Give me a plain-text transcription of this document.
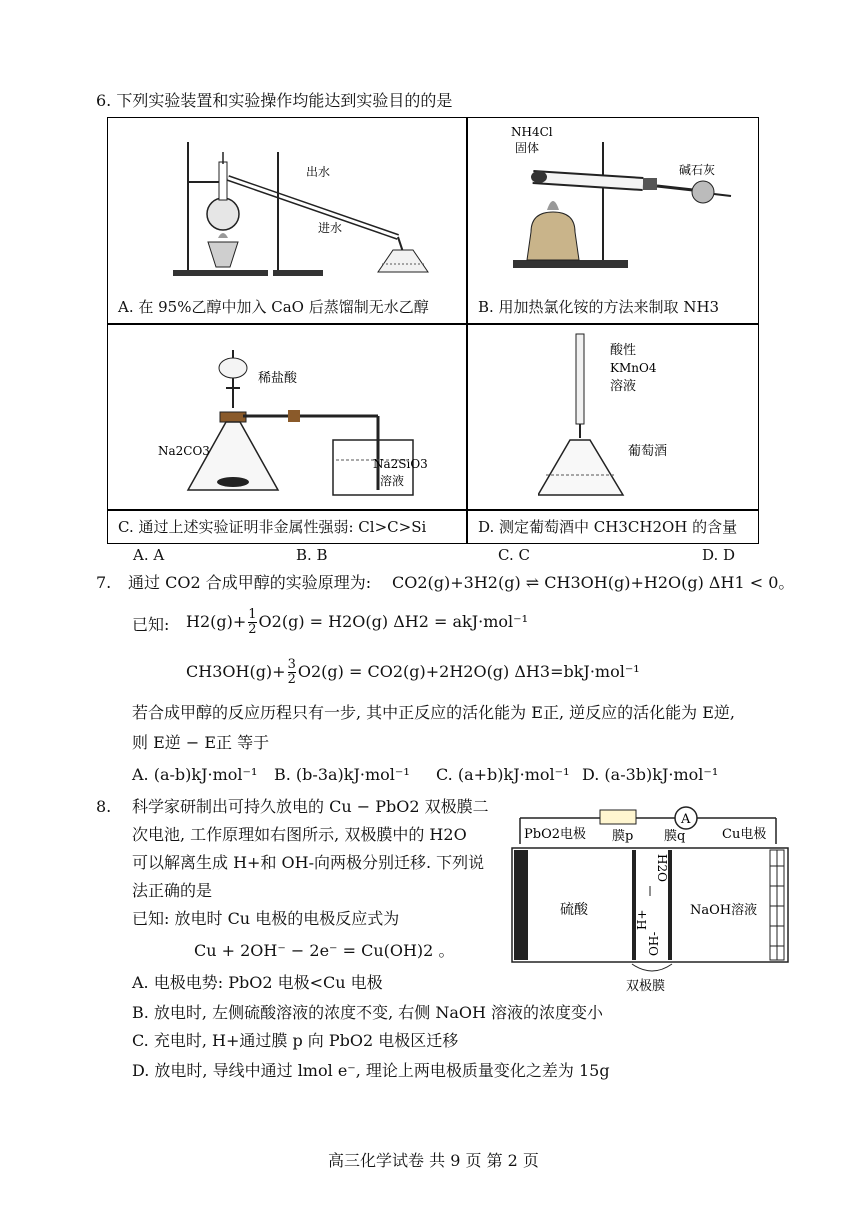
6. 下列实验装置和实验操作均能达到实验目的的是
出水
进水
NH4Cl
固体
碱石灰
A. 在 95%乙醇中加入 CaO 后蒸馏制无水乙醇	B. 用加热氯化铵的方法来制取 NH3
稀盐酸
Na2CO3
Na2SiO3
溶液
酸性
KMnO4
溶液
葡萄酒
C. 通过上述实验证明非金属性强弱: Cl>C>Si	D. 测定葡萄酒中 CH3CH2OH 的含量
A. A	B. B	C. C	D. D
7. 通过 CO2 合成甲醇的实验原理为: CO2(g)+3H2(g) ⇌ CH3OH(g)+H2O(g) ΔH1 < 0。
已知: $H2(g)+ \frac{1}{2} O2(g) = H2O(g) \Delta H2 = akJ\cdot mol^{-1}$
$CH3OH(g)+ \frac{3}{2} O2(g) = CO2(g)+2H2O(g)$ ΔH3=bkJ·mol⁻¹
若合成甲醇的反应历程只有一步, 其中正反应的活化能为 E正, 逆反应的活化能为 E逆,
则 E逆 − E正 等于
A. (a-b)kJ·mol⁻¹ B. (b-3a)kJ·mol⁻¹ C. (a+b)kJ·mol⁻¹ D. (a-3b)kJ·mol⁻¹
8. 科学家研制出可持久放电的 Cu − PbO2 双极膜二
次电池, 工作原理如右图所示, 双极膜中的 H2O
可以解离生成 H+和 OH-向两极分别迁移. 下列说
法正确的是
已知: 放电时 Cu 电极的电极反应式为
Cu + 2OH⁻ − 2e⁻ = Cu(OH)2 。
A. 电极电势: PbO2 电极<Cu 电极
B. 放电时, 左侧硫酸溶液的浓度不变, 右侧 NaOH 溶液的浓度变小
C. 充电时, H+通过膜 p 向 PbO2 电极区迁移
D. 放电时, 导线中通过 lmol e⁻, 理论上两电极质量变化之差为 15g
A
PbO2电极 膜p 膜q	Cu电极
硫酸	NaOH溶液
H2O
H+
OH-
双极膜
高三化学试卷 共 9 页 第 2 页
